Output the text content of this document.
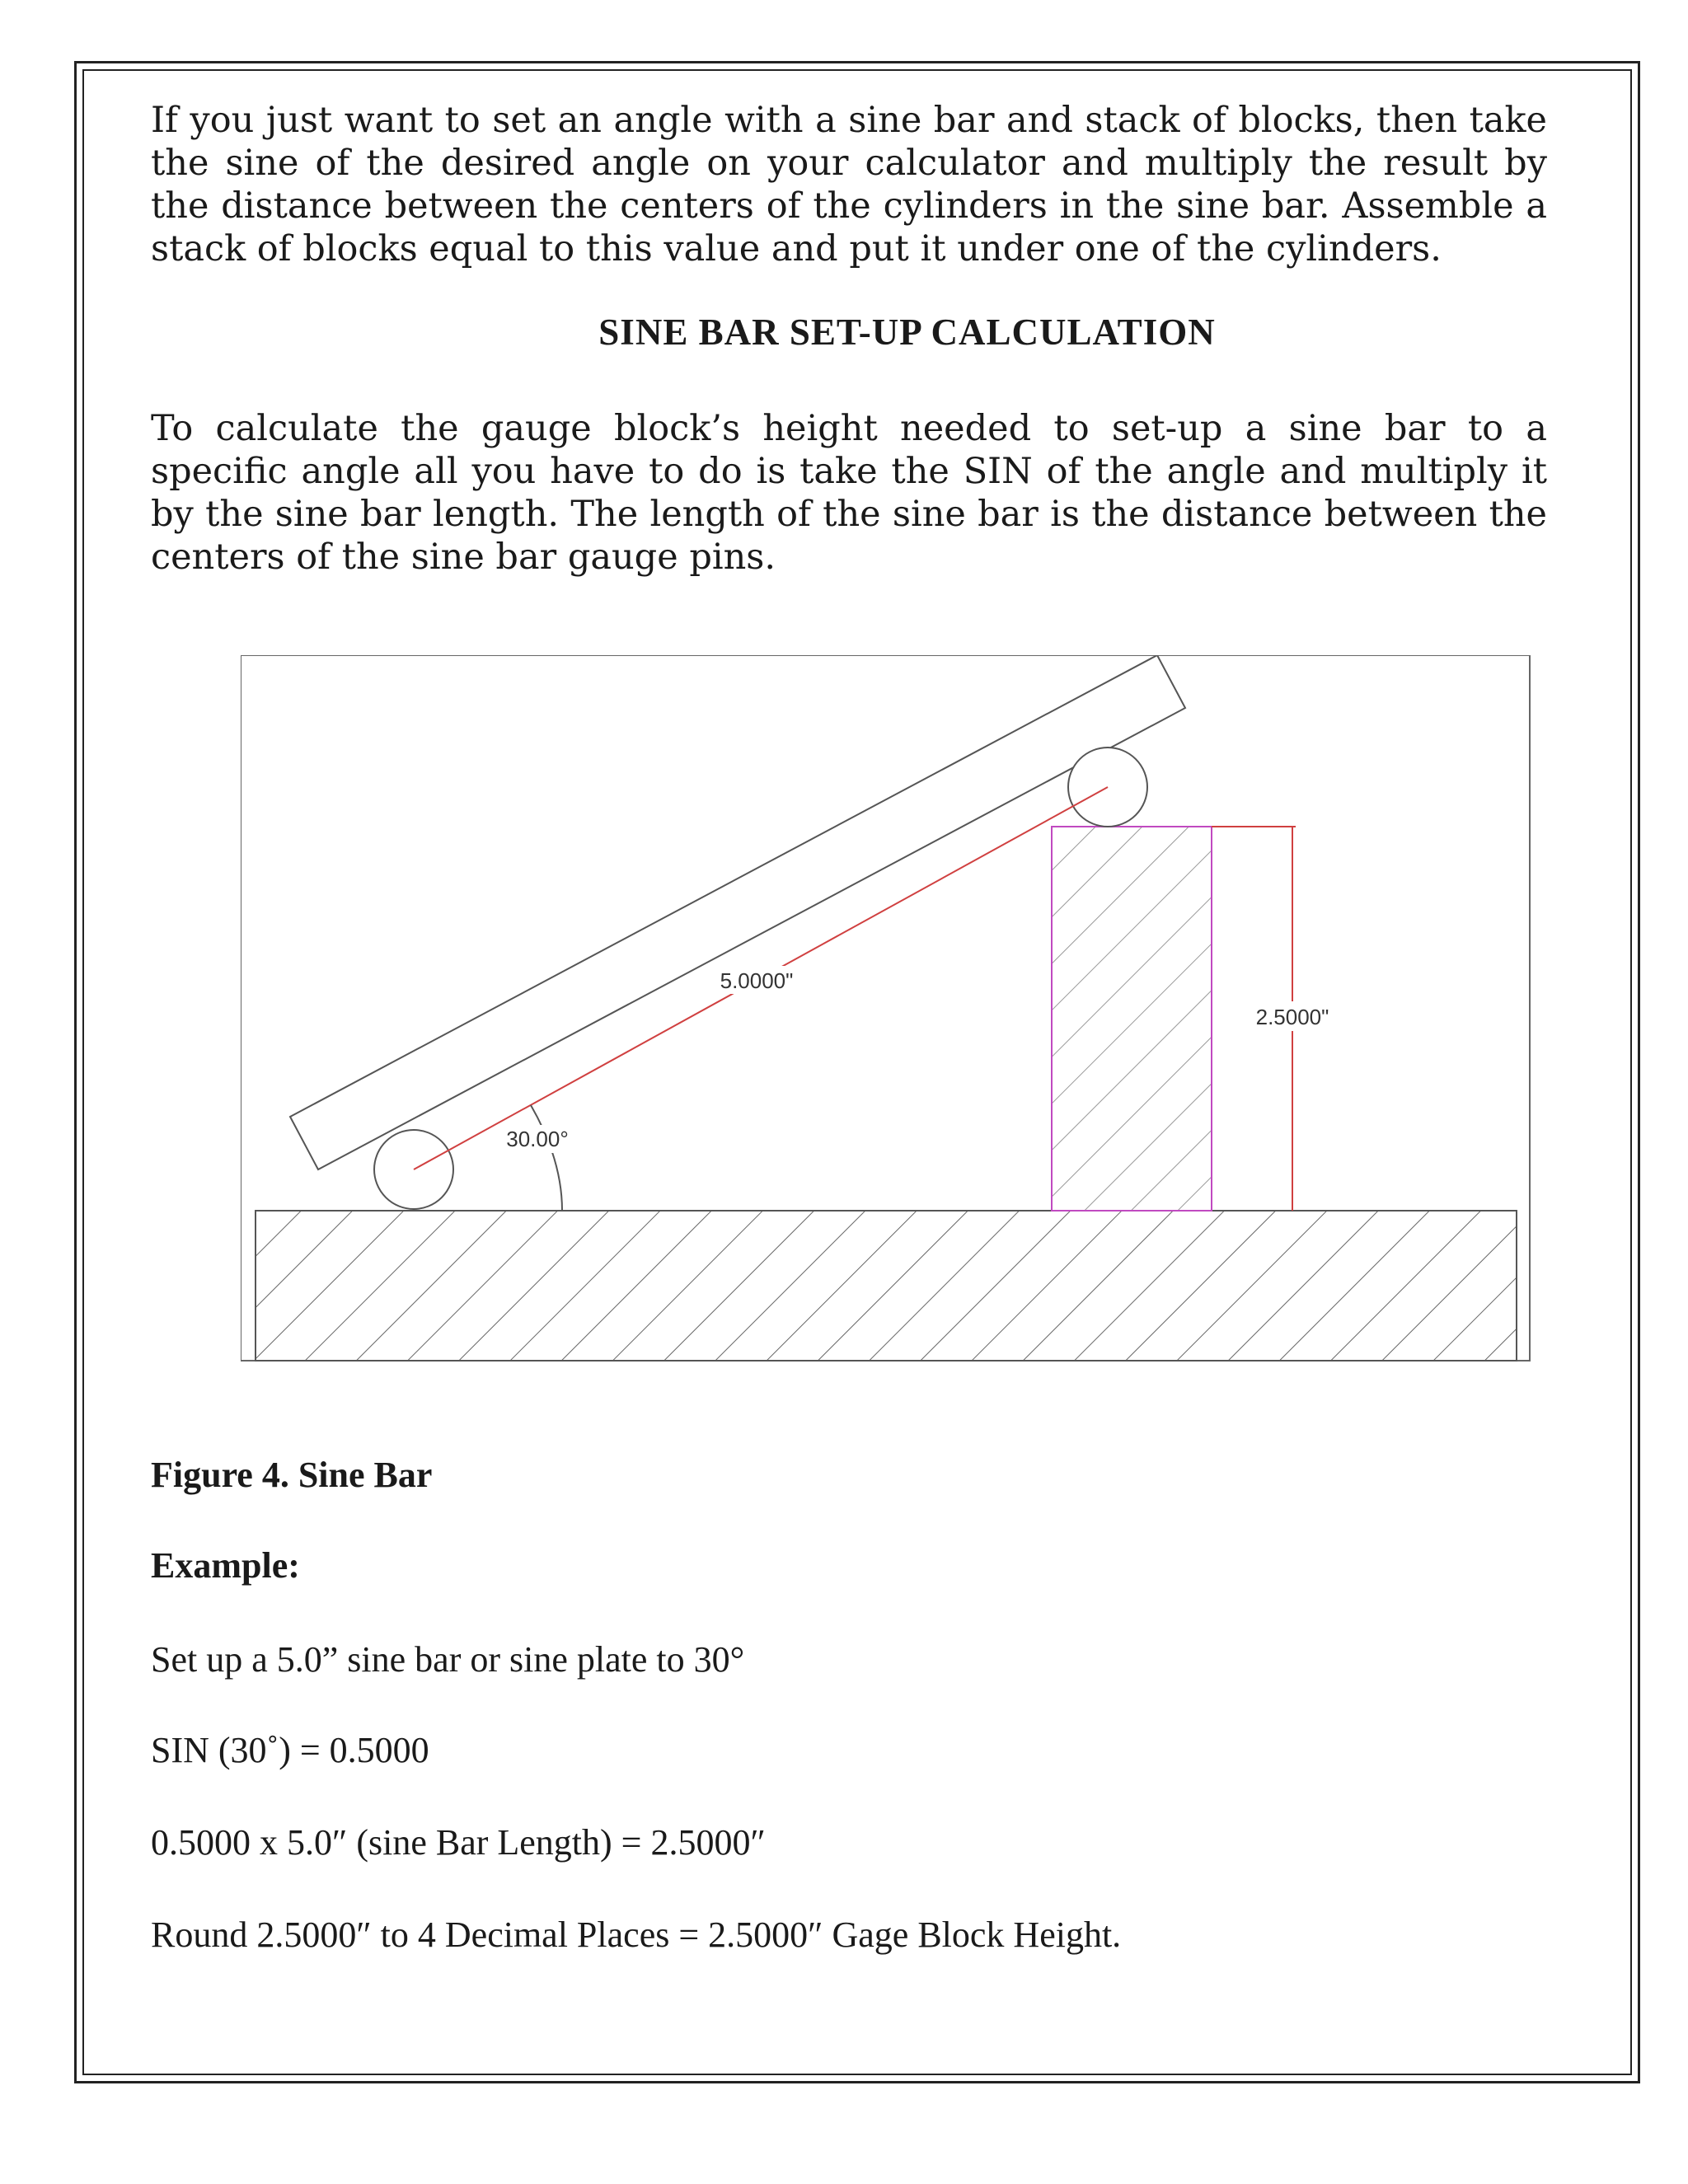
If you just want to set an angle with a sine bar and stack of blocks, then take the sine of the desired angle on your calculator and multiply the result by the distance between the centers of the cylinders in the sine bar. Assemble a stack of blocks equal to this value and put it under one of the cylinders.

SINE BAR SET-UP CALCULATION

To calculate the gauge block’s height needed to set-up a sine bar to a specific angle all you have to do is take the SIN of the angle and multiply it by the sine bar length. The length of the sine bar is the distance between the centers of the sine bar gauge pins.

2.5000"
5.0000"
30.00°

Figure 4. Sine Bar

Example:

Set up a 5.0” sine bar or sine plate to 30°

SIN (30˚) = 0.5000

0.5000 x 5.0″ (sine Bar Length) = 2.5000″

Round 2.5000″ to 4 Decimal Places = 2.5000″ Gage Block Height.
